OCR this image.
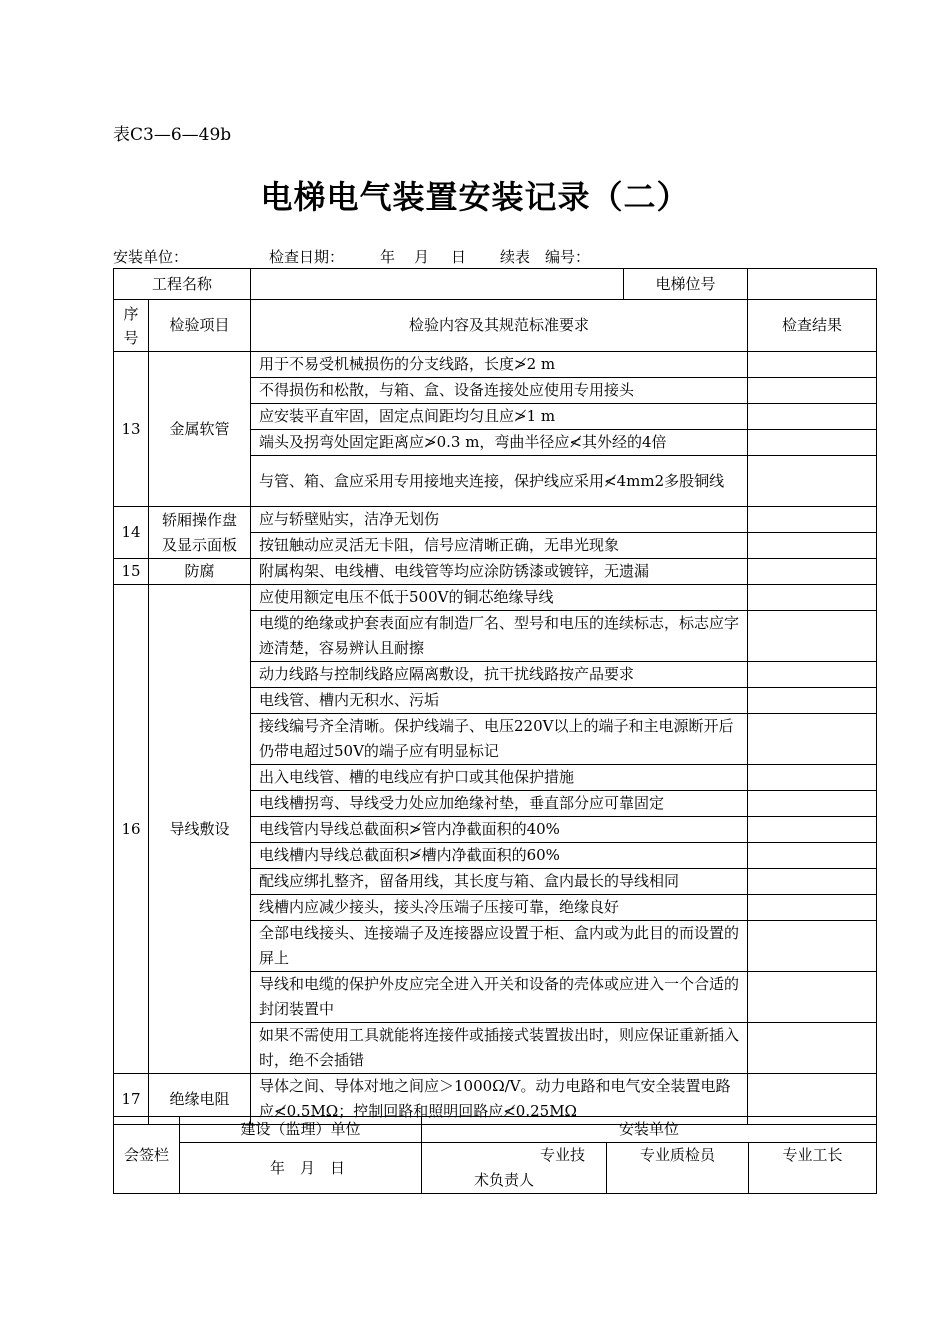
表C3—6—49b
电梯电气装置安装记录（二）
安装单位：	检查日期： 年 月 日 续表 编号：
工程名称			电梯位号	
序号	检验项目	检验内容及其规范标准要求		检查结果
13	金属软管	用于不易受机械损伤的分支线路，长度≯2 m		
		不得损伤和松散，与箱、盒、设备连接处应使用专用接头		
		应安装平直牢固，固定点间距均匀且应≯1 m		
		端头及拐弯处固定距离应≯0.3 m，弯曲半径应≮其外经的4倍		
		与管、箱、盒应采用专用接地夹连接，保护线应采用≮4mm2多股铜线		
14	轿厢操作盘及显示面板	应与轿壁贴实，洁净无划伤		
		按钮触动应灵活无卡阻，信号应清晰正确，无串光现象		
15	防腐	附属构架、电线槽、电线管等均应涂防锈漆或镀锌，无遗漏		
16	导线敷设	应使用额定电压不低于500V的铜芯绝缘导线		
		电缆的绝缘或护套表面应有制造厂名、型号和电压的连续标志，标志应字迹清楚，容易辨认且耐擦		
		动力线路与控制线路应隔离敷设，抗干扰线路按产品要求		
		电线管、槽内无积水、污垢		
		接线编号齐全清晰。保护线端子、电压220V以上的端子和主电源断开后仍带电超过50V的端子应有明显标记		
		出入电线管、槽的电线应有护口或其他保护措施		
		电线槽拐弯、导线受力处应加绝缘衬垫，垂直部分应可靠固定		
		电线管内导线总截面积≯管内净截面积的40%		
		电线槽内导线总截面积≯槽内净截面积的60%		
		配线应绑扎整齐，留备用线，其长度与箱、盒内最长的导线相同		
		线槽内应减少接头，接头冷压端子压接可靠，绝缘良好		
		全部电线接头、连接端子及连接器应设置于柜、盒内或为此目的而设置的屏上		
		导线和电缆的保护外皮应完全进入开关和设备的壳体或应进入一个合适的封闭装置中		
		如果不需使用工具就能将连接件或插接式装置拔出时，则应保证重新插入时，绝不会插错		
17	绝缘电阻	导体之间、导体对地之间应＞1000Ω/V。动力电路和电气安全装置电路应≮0.5MΩ；控制回路和照明回路应≮0.25MΩ		
会签栏	建设（监理）单位	安装单位		
	年　月　日	专业技术负责人	专业质检员	专业工长
